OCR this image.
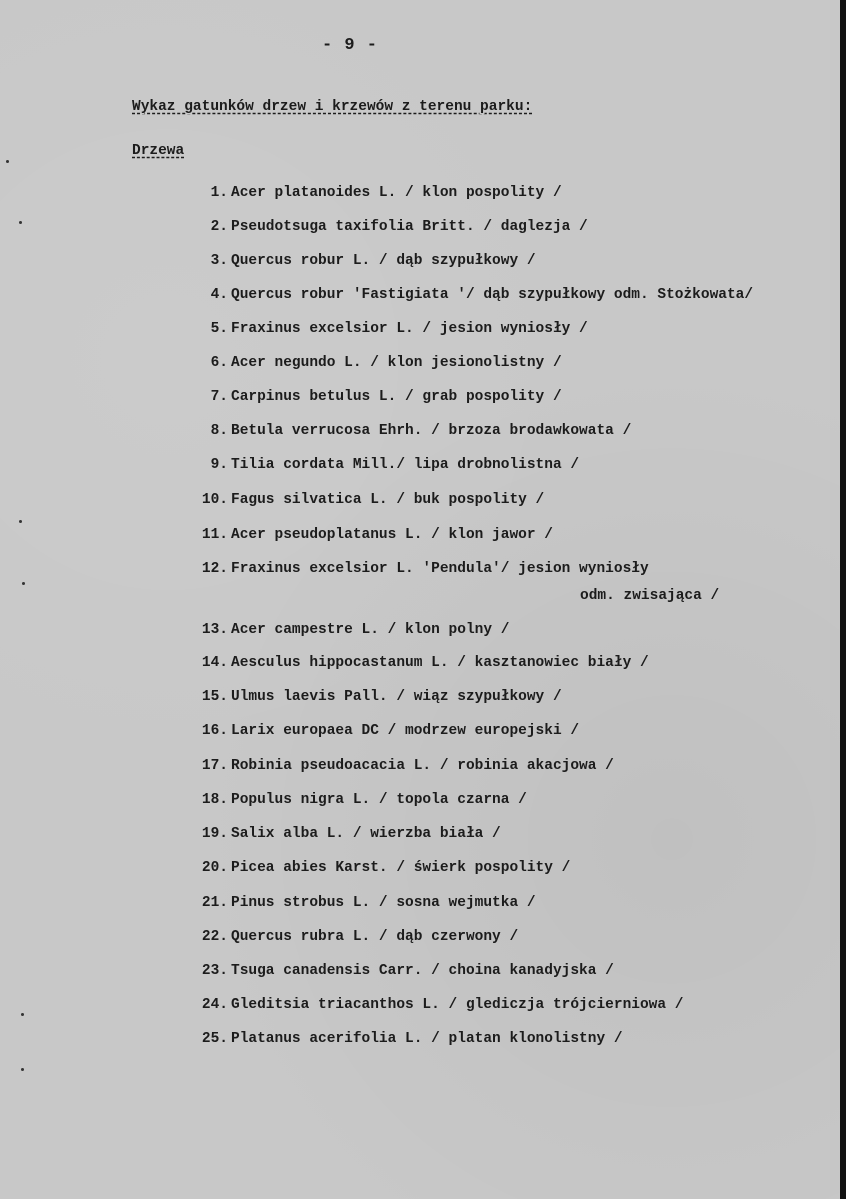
- 9 -
Wykaz gatunków drzew i krzewów z terenu parku:
Drzewa
1. Acer platanoides L. / klon pospolity /
2. Pseudotsuga taxifolia Britt. / daglezja /
3. Quercus robur L. / dąb szypułkowy /
4. Quercus robur 'Fastigiata '/ dąb szypułkowy odm. Stożkowata/
5. Fraxinus excelsior L. / jesion wyniosły /
6. Acer negundo L. / klon jesionolistny /
7. Carpinus betulus L. / grab pospolity /
8. Betula verrucosa Ehrh. / brzoza brodawkowata /
9. Tilia cordata Mill./ lipa drobnolistna /
10. Fagus silvatica L. / buk pospolity /
11. Acer pseudoplatanus L. / klon jawor /
12. Fraxinus excelsior L. 'Pendula'/ jesion wyniosły
odm. zwisająca /
13. Acer campestre L. / klon polny /
14. Aesculus hippocastanum L. / kasztanowiec biały /
15. Ulmus laevis Pall. / wiąz szypułkowy /
16. Larix europaea DC / modrzew europejski /
17. Robinia pseudoacacia L. / robinia akacjowa /
18. Populus nigra L. / topola czarna /
19. Salix alba L. / wierzba biała /
20. Picea abies Karst. / świerk pospolity /
21. Pinus strobus L. / sosna wejmutka /
22. Quercus rubra L. / dąb czerwony /
23. Tsuga canadensis Carr. / choina kanadyjska /
24. Gleditsia triacanthos L. / glediczja trójcierniowa /
25. Platanus acerifolia L. / platan klonolistny /
